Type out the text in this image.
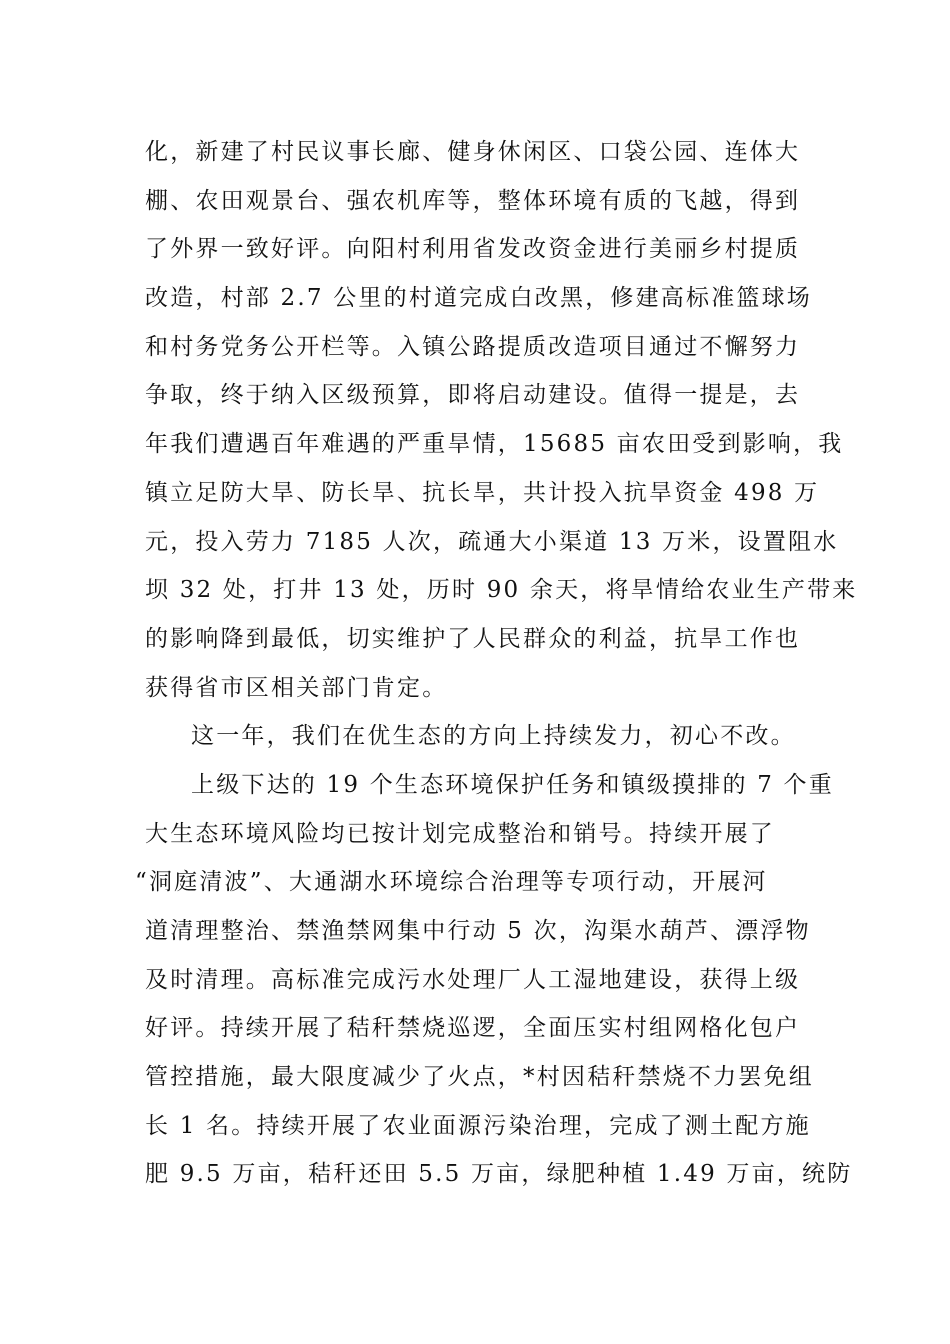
化，新建了村民议事长廊、健身休闲区、口袋公园、连体大
棚、农田观景台、强农机库等，整体环境有质的飞越，得到
了外界一致好评。向阳村利用省发改资金进行美丽乡村提质
改造，村部 2.7 公里的村道完成白改黑，修建高标准篮球场
和村务党务公开栏等。入镇公路提质改造项目通过不懈努力
争取，终于纳入区级预算，即将启动建设。值得一提是，去
年我们遭遇百年难遇的严重旱情，15685 亩农田受到影响，我
镇立足防大旱、防长旱、抗长旱，共计投入抗旱资金 498 万
元，投入劳力 7185 人次，疏通大小渠道 13 万米，设置阻水
坝 32 处，打井 13 处，历时 90 余天，将旱情给农业生产带来
的影响降到最低，切实维护了人民群众的利益，抗旱工作也
获得省市区相关部门肯定。
这一年，我们在优生态的方向上持续发力，初心不改。
上级下达的 19 个生态环境保护任务和镇级摸排的 7 个重
大生态环境风险均已按计划完成整治和销号。持续开展了
“洞庭清波”、大通湖水环境综合治理等专项行动，开展河
道清理整治、禁渔禁网集中行动 5 次，沟渠水葫芦、漂浮物
及时清理。高标准完成污水处理厂人工湿地建设，获得上级
好评。持续开展了秸秆禁烧巡逻，全面压实村组网格化包户
管控措施，最大限度减少了火点，*村因秸秆禁烧不力罢免组
长 1 名。持续开展了农业面源污染治理，完成了测土配方施
肥 9.5 万亩，秸秆还田 5.5 万亩，绿肥种植 1.49 万亩，统防
